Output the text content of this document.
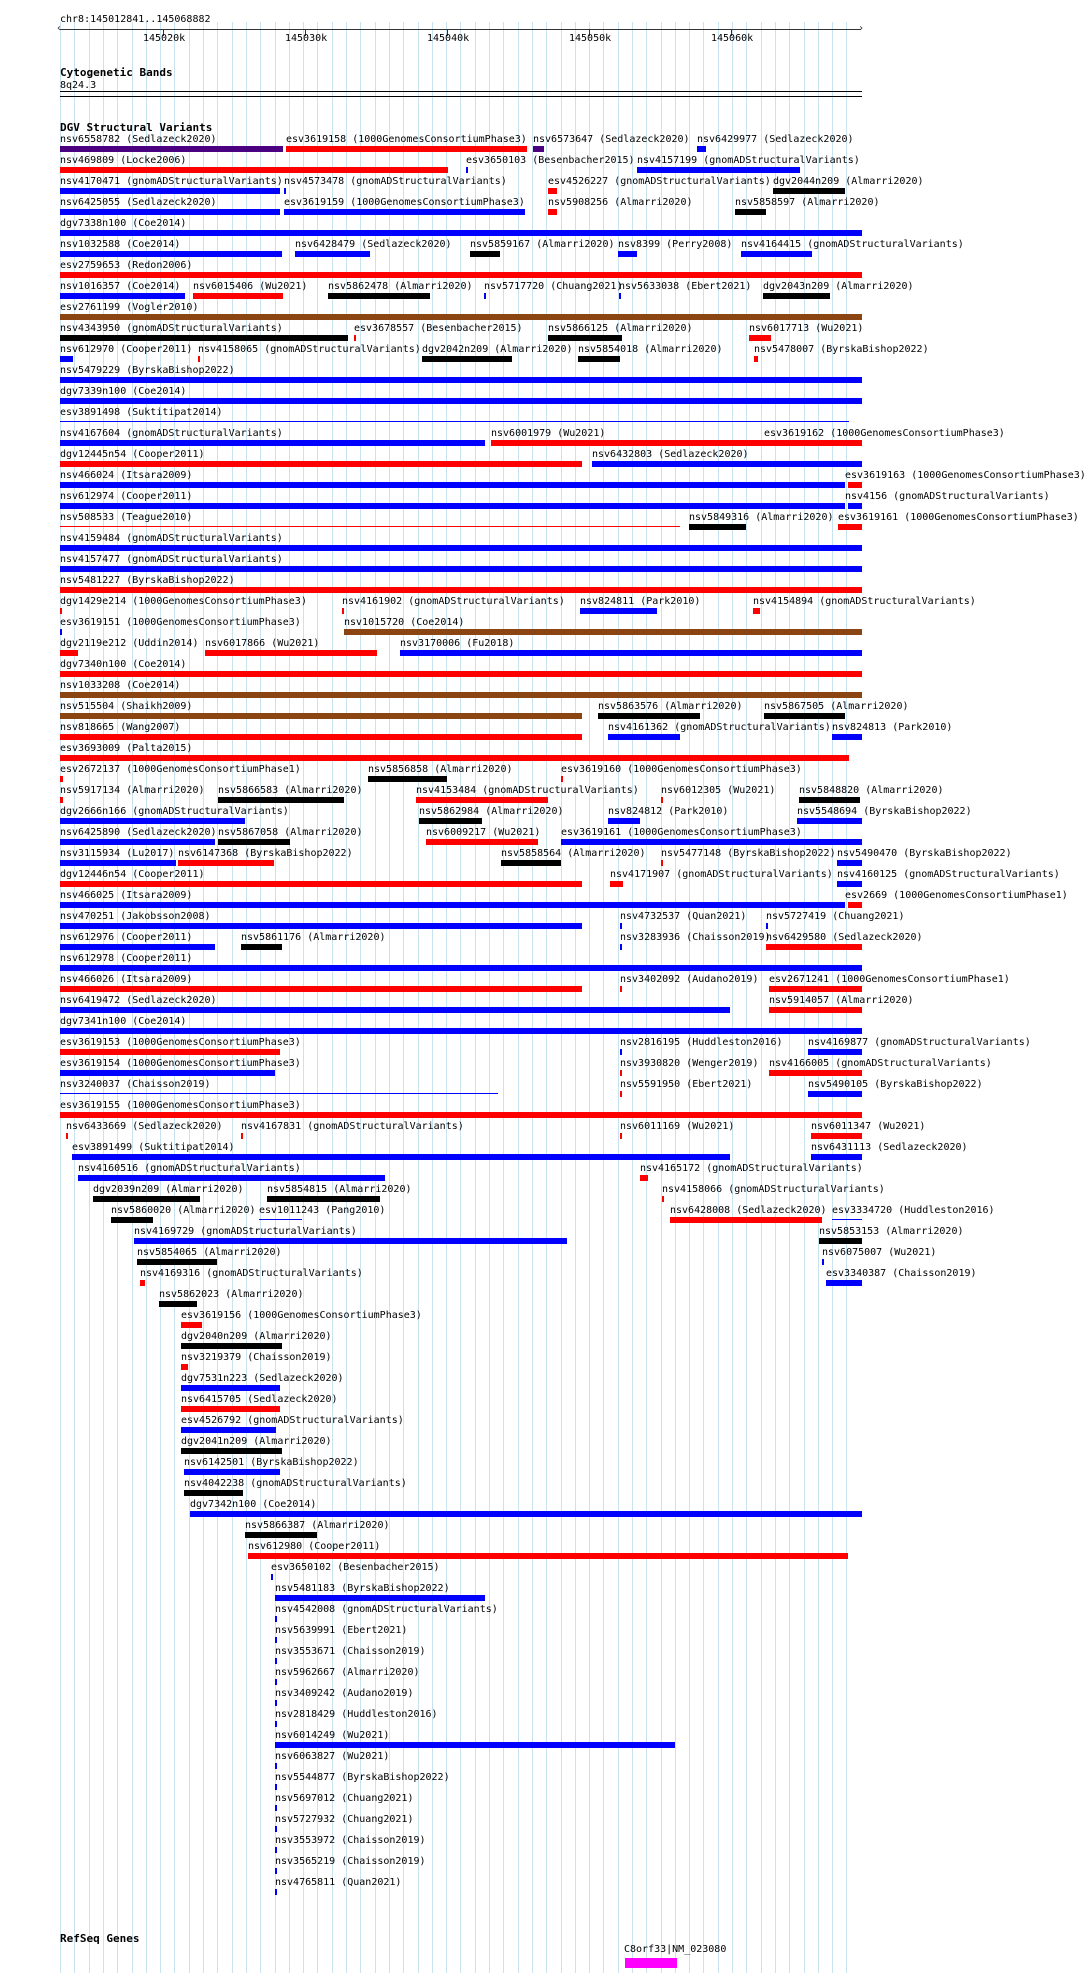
chr8:145012841..145068882
‹	›
145020k	145030k	145040k	145050k	145060k
Cytogenetic Bands
8q24.3
DGV Structural Variants
nsv6558782 (Sedlazeck2020)	esv3619158 (1000GenomesConsortiumPhase3) nsv6573647 (Sedlazeck2020) nsv6429977 (Sedlazeck2020)
nsv469809 (Locke2006)	esv3650103 (Besenbacher2015) nsv4157199 (gnomADStructuralVariants)
nsv4170471 (gnomADStructuralVariants) nsv4573478 (gnomADStructuralVariants)	esv4526227 (gnomADStructuralVariants) dgv2044n209 (Almarri2020)
nsv6425055 (Sedlazeck2020)	esv3619159 (1000GenomesConsortiumPhase3) nsv5908256 (Almarri2020)	nsv5858597 (Almarri2020)
dgv7338n100 (Coe2014)
nsv1032588 (Coe2014)	nsv6428479 (Sedlazeck2020) nsv5859167 (Almarri2020) nsv8399 (Perry2008) nsv4164415 (gnomADStructuralVariants)
esv2759653 (Redon2006)
nsv1016357 (Coe2014) nsv6015406 (Wu2021) nsv5862478 (Almarri2020) nsv5717720 (Chuang2021)
nsv5633038 (Ebert2021) dgv2043n209 (Almarri2020)
esv2761199 (Vogler2010)
nsv4343950 (gnomADStructuralVariants)	esv3678557 (Besenbacher2015)	nsv5866125 (Almarri2020)	nsv6017713 (Wu2021)
nsv612970 (Cooper2011) nsv4158065 (gnomADStructuralVariants) dgv2042n209 (Almarri2020) nsv5854018 (Almarri2020)	nsv5478007 (ByrskaBishop2022)
nsv5479229 (ByrskaBishop2022)
dgv7339n100 (Coe2014)
esv3891498 (Suktitipat2014)
nsv4167604 (gnomADStructuralVariants)	nsv6001979 (Wu2021)	esv3619162 (1000GenomesConsortiumPhase3)
dgv12445n54 (Cooper2011)	nsv6432803 (Sedlazeck2020)
nsv466024 (Itsara2009)	esv3619163 (1000GenomesConsortiumPhase3)
nsv612974 (Cooper2011)	nsv4156 (gnomADStructuralVariants)
nsv508533 (Teague2010)	nsv5849316 (Almarri2020) esv3619161 (1000GenomesConsortiumPhase3)
nsv4159484 (gnomADStructuralVariants)
nsv4157477 (gnomADStructuralVariants)
nsv5481227 (ByrskaBishop2022)
dgv1429e214 (1000GenomesConsortiumPhase3)	nsv4161902 (gnomADStructuralVariants) nsv824811 (Park2010)	nsv4154894 (gnomADStructuralVariants)
esv3619151 (1000GenomesConsortiumPhase3)	nsv1015720 (Coe2014)
dgv2119e212 (Uddin2014) nsv6017866 (Wu2021)	nsv3170006 (Fu2018)
dgv7340n100 (Coe2014)
nsv1033208 (Coe2014)
nsv515504 (Shaikh2009)	nsv5863576 (Almarri2020) nsv5867505 (Almarri2020)
nsv818665 (Wang2007)	nsv4161362 (gnomADStructuralVariants) nsv824813 (Park2010)
esv3693009 (Palta2015)
esv2672137 (1000GenomesConsortiumPhase1)	nsv5856858 (Almarri2020)	esv3619160 (1000GenomesConsortiumPhase3)
nsv5917134 (Almarri2020) nsv5866583 (Almarri2020)	nsv4153484 (gnomADStructuralVariants) nsv6012305 (Wu2021) nsv5848820 (Almarri2020)
dgv2666n166 (gnomADStructuralVariants)	nsv5862984 (Almarri2020)	nsv824812 (Park2010)	nsv5548694 (ByrskaBishop2022)
nsv6425890 (Sedlazeck2020) nsv5867058 (Almarri2020)	nsv6009217 (Wu2021) esv3619161 (1000GenomesConsortiumPhase3)
nsv3115934 (Lu2017) nsv6147368 (ByrskaBishop2022)	nsv5858564 (Almarri2020) nsv5477148 (ByrskaBishop2022) nsv5490470 (ByrskaBishop2022)
dgv12446n54 (Cooper2011)	nsv4171907 (gnomADStructuralVariants) nsv4160125 (gnomADStructuralVariants)
nsv466025 (Itsara2009)	esv2669 (1000GenomesConsortiumPhase1)
nsv470251 (Jakobsson2008)	nsv4732537 (Quan2021) nsv5727419 (Chuang2021)
nsv612976 (Cooper2011)	nsv5861176 (Almarri2020)	nsv3283936 (Chaisson2019)
nsv6429580 (Sedlazeck2020)
nsv612978 (Cooper2011)
nsv466026 (Itsara2009)	nsv3402092 (Audano2019) esv2671241 (1000GenomesConsortiumPhase1)
nsv6419472 (Sedlazeck2020)	nsv5914057 (Almarri2020)
dgv7341n100 (Coe2014)
esv3619153 (1000GenomesConsortiumPhase3)	nsv2816195 (Huddleston2016)	nsv4169877 (gnomADStructuralVariants)
esv3619154 (1000GenomesConsortiumPhase3)	nsv3930820 (Wenger2019) nsv4166005 (gnomADStructuralVariants)
nsv3240037 (Chaisson2019)	nsv5591950 (Ebert2021)	nsv5490105 (ByrskaBishop2022)
esv3619155 (1000GenomesConsortiumPhase3)
nsv6433669 (Sedlazeck2020) nsv4167831 (gnomADStructuralVariants)	nsv6011169 (Wu2021)	nsv6011347 (Wu2021)
esv3891499 (Suktitipat2014)	nsv6431113 (Sedlazeck2020)
nsv4160516 (gnomADStructuralVariants)	nsv4165172 (gnomADStructuralVariants)
dgv2039n209 (Almarri2020) nsv5854815 (Almarri2020)	nsv4158066 (gnomADStructuralVariants)
nsv5860020 (Almarri2020) esv1011243 (Pang2010)	nsv6428008 (Sedlazeck2020) esv3334720 (Huddleston2016)
nsv4169729 (gnomADStructuralVariants)	nsv5853153 (Almarri2020)
nsv5854065 (Almarri2020)	nsv6075007 (Wu2021)
nsv4169316 (gnomADStructuralVariants)	esv3340387 (Chaisson2019)
nsv5862023 (Almarri2020)
esv3619156 (1000GenomesConsortiumPhase3)
dgv2040n209 (Almarri2020)
nsv3219379 (Chaisson2019)
dgv7531n223 (Sedlazeck2020)
nsv6415705 (Sedlazeck2020)
esv4526792 (gnomADStructuralVariants)
dgv2041n209 (Almarri2020)
nsv6142501 (ByrskaBishop2022)
nsv4042238 (gnomADStructuralVariants)
dgv7342n100 (Coe2014)
nsv5866387 (Almarri2020)
nsv612980 (Cooper2011)
esv3650102 (Besenbacher2015)
nsv5481183 (ByrskaBishop2022)
nsv4542008 (gnomADStructuralVariants)
nsv5639991 (Ebert2021)
nsv3553671 (Chaisson2019)
nsv5962667 (Almarri2020)
nsv3409242 (Audano2019)
nsv2818429 (Huddleston2016)
nsv6014249 (Wu2021)
nsv6063827 (Wu2021)
nsv5544877 (ByrskaBishop2022)
nsv5697012 (Chuang2021)
nsv5727932 (Chuang2021)
nsv3553972 (Chaisson2019)
nsv3565219 (Chaisson2019)
nsv4765811 (Quan2021)
RefSeq Genes
C8orf33|NM_023080
